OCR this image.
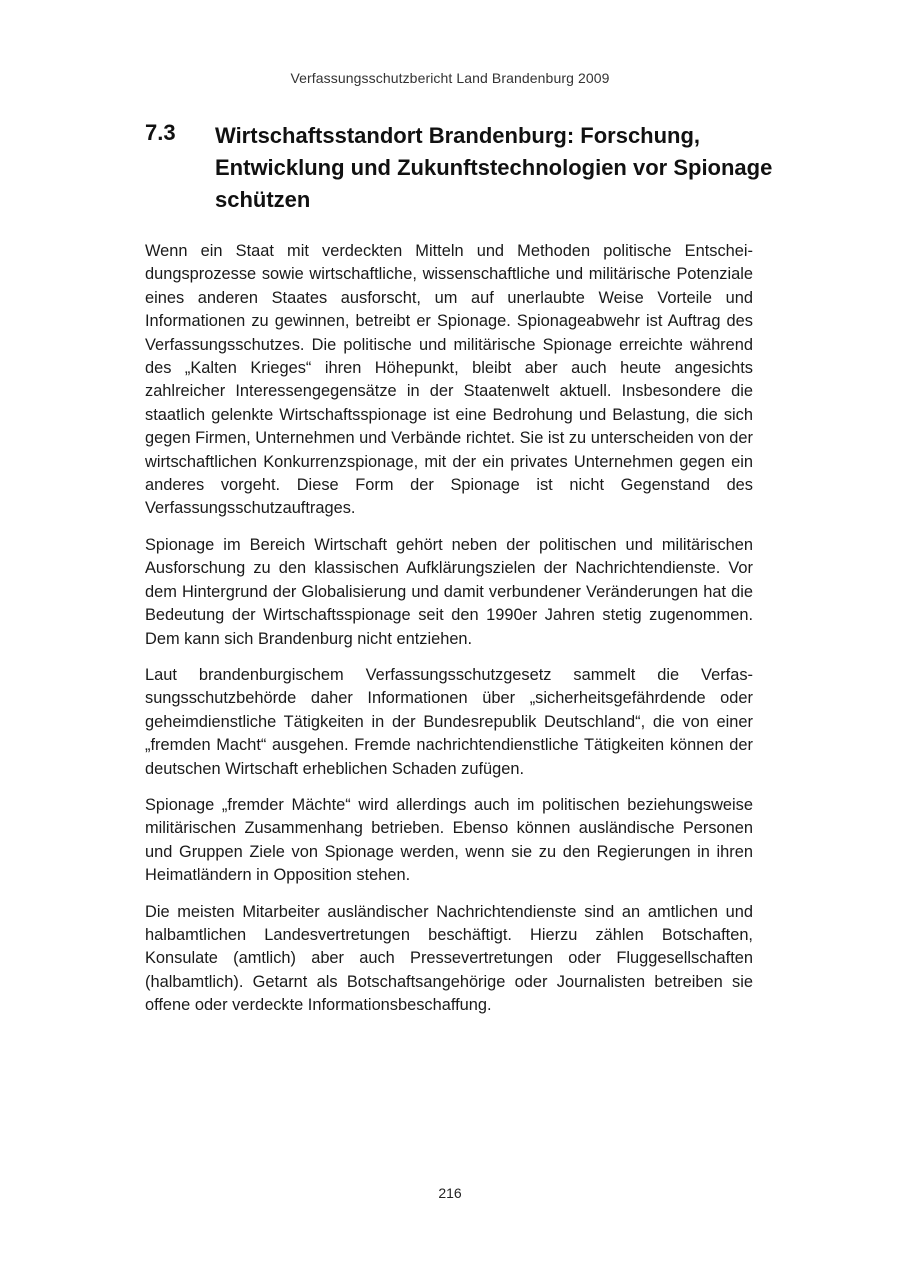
Verfassungsschutzbericht Land Brandenburg 2009
7.3 Wirtschaftsstandort Brandenburg: Forschung, Entwicklung und Zukunftstechnologien vor Spionage schützen

Wenn ein Staat mit verdeckten Mitteln und Methoden politische Entscheidungsprozesse sowie wirtschaftliche, wissenschaftliche und militärische Potenziale eines anderen Staates ausforscht, um auf unerlaubte Weise Vorteile und Informationen zu gewinnen, betreibt er Spionage. Spionageabwehr ist Auftrag des Verfassungsschutzes. Die politische und militärische Spionage erreichte während des „Kalten Krieges“ ihren Höhepunkt, bleibt aber auch heute angesichts zahlreicher Interessengegensätze in der Staatenwelt aktuell. Insbesondere die staatlich gelenkte Wirtschaftsspionage ist eine Bedrohung und Belastung, die sich gegen Firmen, Unternehmen und Verbände richtet. Sie ist zu unterscheiden von der wirtschaftlichen Konkurrenzspionage, mit der ein privates Unternehmen gegen ein anderes vorgeht. Diese Form der Spionage ist nicht Gegenstand des Verfassungsschutzauftrages.

Spionage im Bereich Wirtschaft gehört neben der politischen und militärischen Ausforschung zu den klassischen Aufklärungszielen der Nachrichtendienste. Vor dem Hintergrund der Globalisierung und damit verbundener Veränderungen hat die Bedeutung der Wirtschaftsspionage seit den 1990er Jahren stetig zugenommen. Dem kann sich Brandenburg nicht entziehen.

Laut brandenburgischem Verfassungsschutzgesetz sammelt die Verfassungsschutzbehörde daher Informationen über „sicherheitsgefährdende oder geheimdienstliche Tätigkeiten in der Bundesrepublik Deutschland“, die von einer „fremden Macht“ ausgehen. Fremde nachrichtendienstliche Tätigkeiten können der deutschen Wirtschaft erheblichen Schaden zufügen.

Spionage „fremder Mächte“ wird allerdings auch im politischen beziehungsweise militärischen Zusammenhang betrieben. Ebenso können ausländische Personen und Gruppen Ziele von Spionage werden, wenn sie zu den Regierungen in ihren Heimatländern in Opposition stehen.

Die meisten Mitarbeiter ausländischer Nachrichtendienste sind an amtlichen und halbamtlichen Landesvertretungen beschäftigt. Hierzu zählen Botschaften, Konsulate (amtlich) aber auch Pressevertretungen oder Fluggesellschaften (halbamtlich). Getarnt als Botschaftsangehörige oder Journalisten betreiben sie offene oder verdeckte Informationsbeschaffung.

216
